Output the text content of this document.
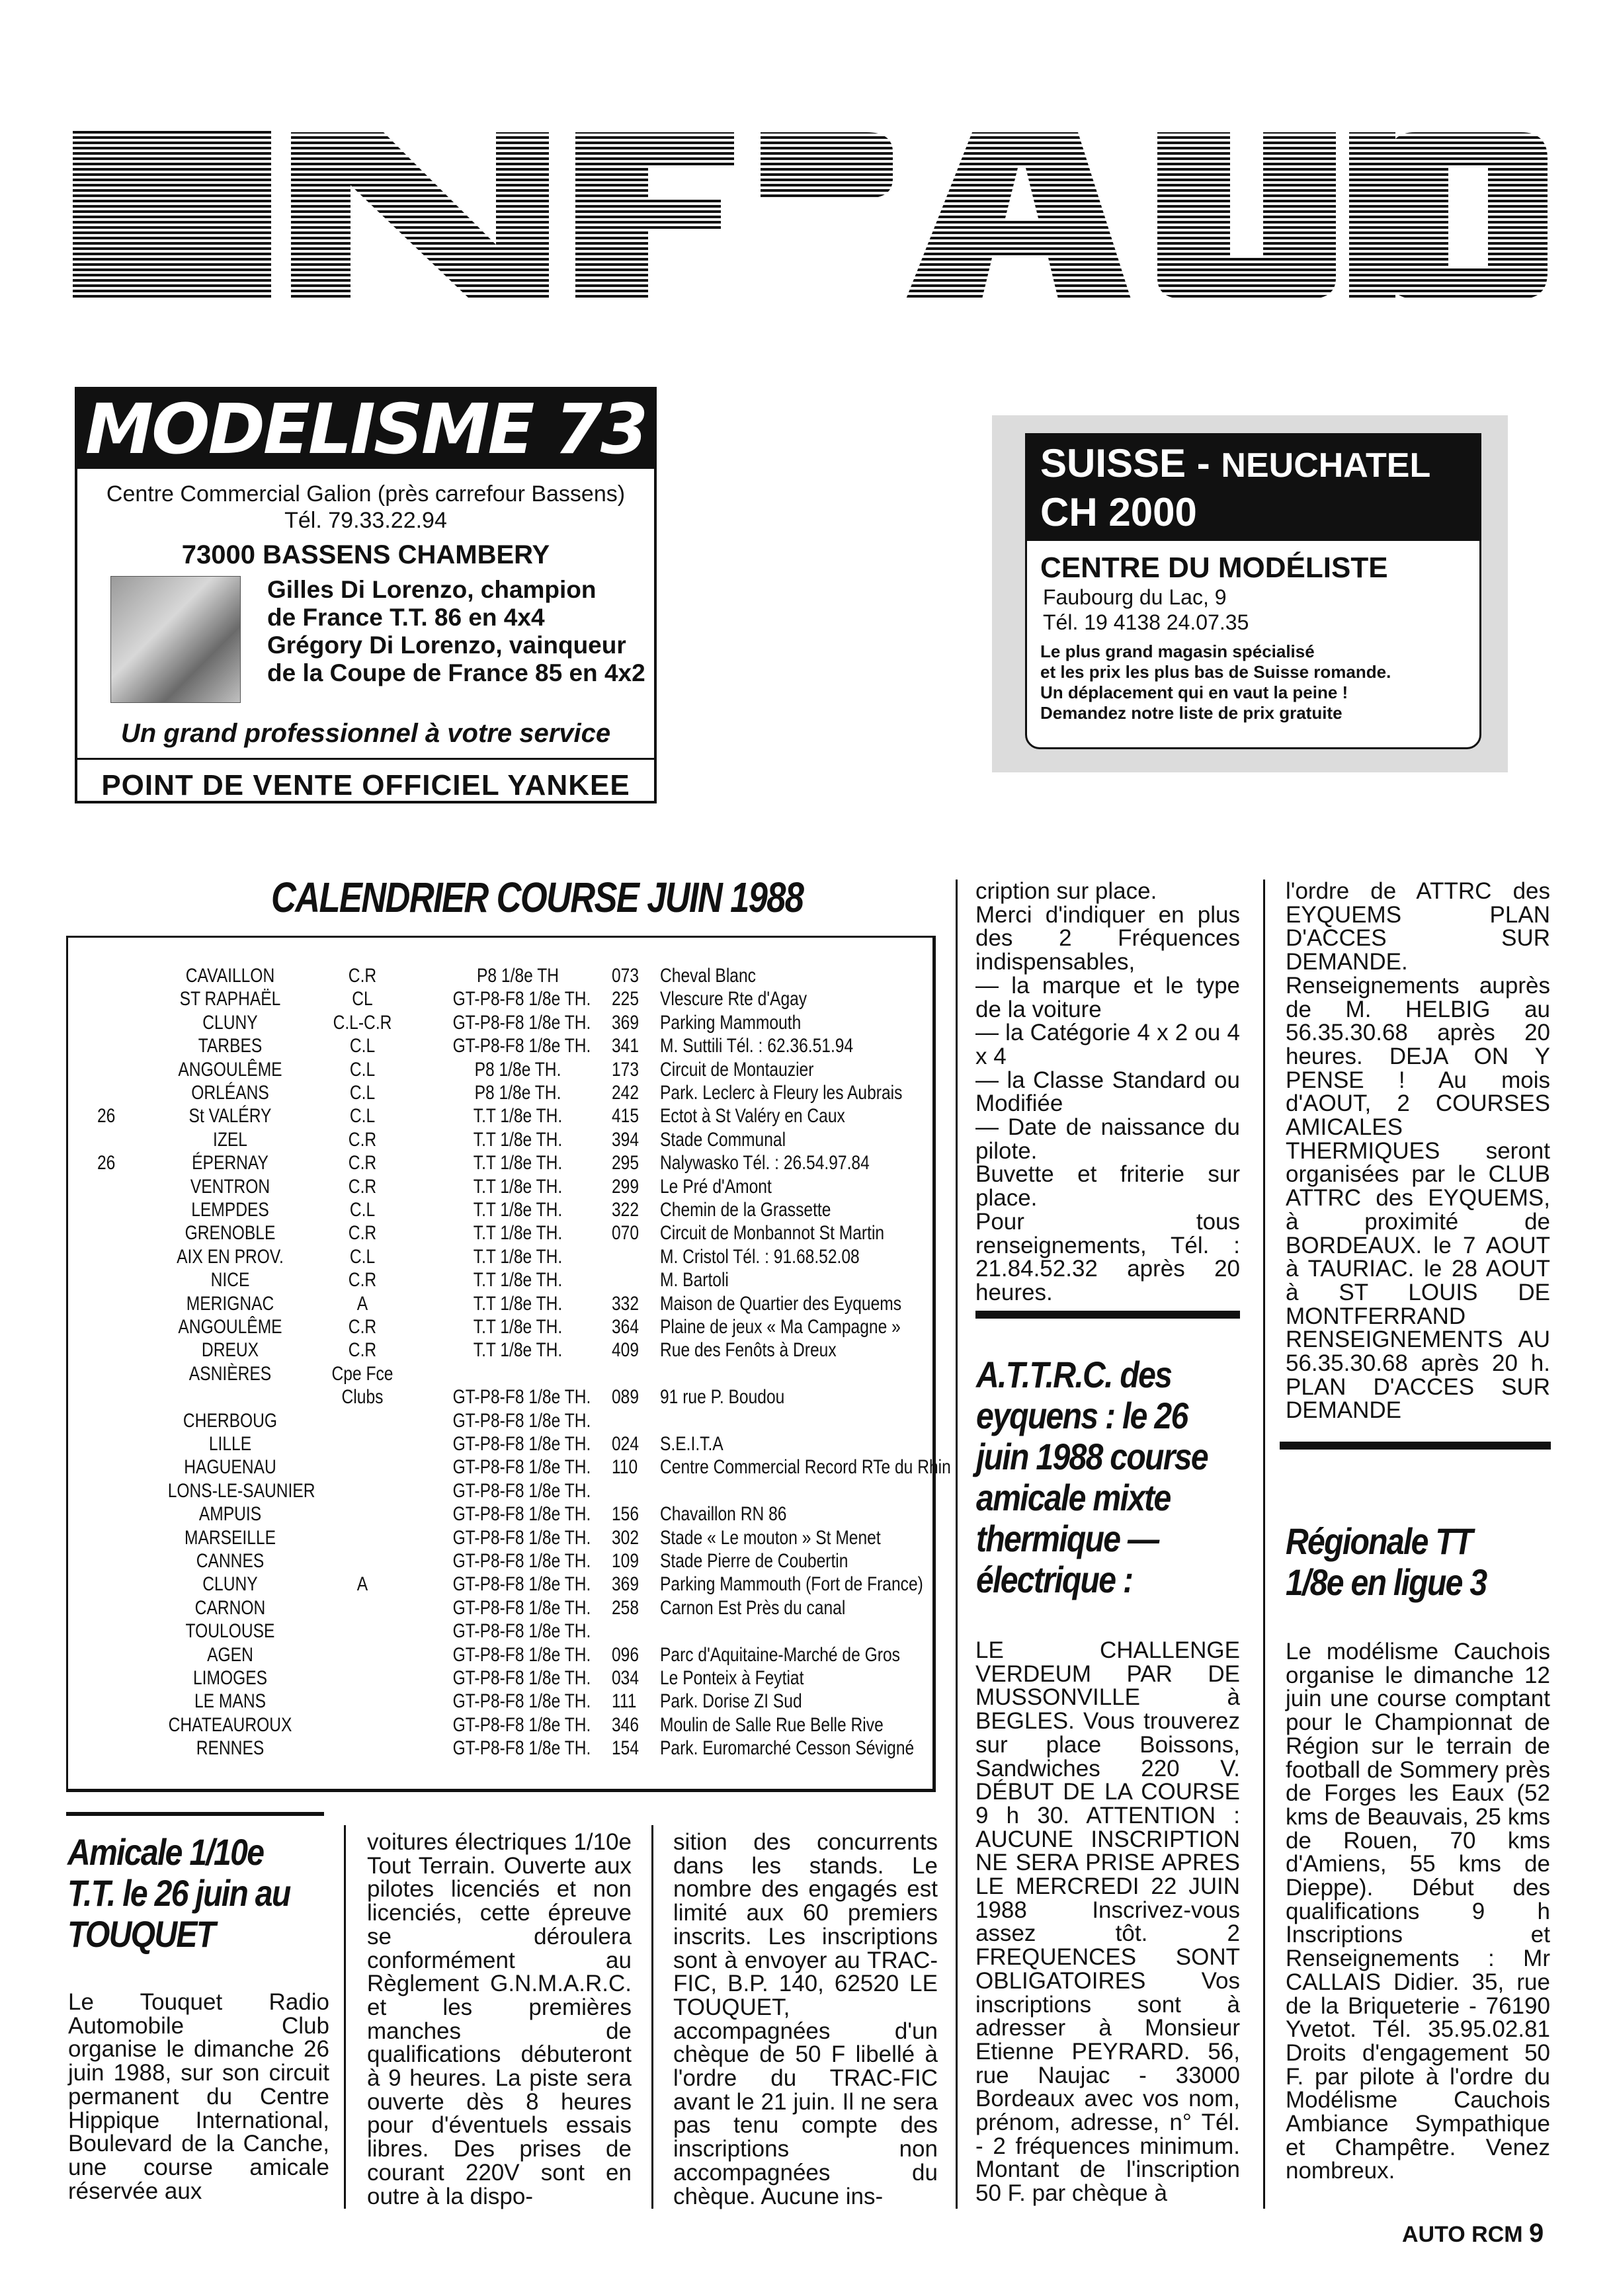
MODELISME 73
Centre Commercial Galion (près carrefour Bassens)
Tél. 79.33.22.94
73000 BASSENS CHAMBERY
Gilles Di Lorenzo, champion
de France T.T. 86 en 4x4
Grégory Di Lorenzo, vainqueur
de la Coupe de France 85 en 4x2
Un grand professionnel à votre service
POINT DE VENTE OFFICIEL YANKEE
SUISSE - NEUCHATEL
CH 2000
CENTRE DU MODÉLISTE
Faubourg du Lac, 9
Tél. 19 4138 24.07.35
Le plus grand magasin spécialisé
et les prix les plus bas de Suisse romande.
Un déplacement qui en vaut la peine !
Demandez notre liste de prix gratuite
CALENDRIER COURSE JUIN 1988
CAVAILLON	C.R	P8 1/8e TH	073 Cheval Blanc
ST RAPHAËL	CL	GT-P8-F8 1/8e TH. 225 Vlescure Rte d'Agay
CLUNY	C.L-C.R	GT-P8-F8 1/8e TH. 369 Parking Mammouth
TARBES	C.L	GT-P8-F8 1/8e TH. 341 M. Suttili Tél. : 62.36.51.94
ANGOULÊME	C.L	P8 1/8e TH.	173 Circuit de Montauzier
ORLÉANS	C.L	P8 1/8e TH.	242 Park. Leclerc à Fleury les Aubrais
26	St VALÉRY	C.L	T.T 1/8e TH.	415 Ectot à St Valéry en Caux
IZEL	C.R	T.T 1/8e TH.	394 Stade Communal
26	ÉPERNAY	C.R	T.T 1/8e TH.	295 Nalywasko Tél. : 26.54.97.84
VENTRON	C.R	T.T 1/8e TH.	299 Le Pré d'Amont
LEMPDES	C.L	T.T 1/8e TH.	322 Chemin de la Grassette
GRENOBLE	C.R	T.T 1/8e TH.	070 Circuit de Monbannot St Martin
AIX EN PROV.	C.L	T.T 1/8e TH.	M. Cristol Tél. : 91.68.52.08
NICE	C.R	T.T 1/8e TH.	M. Bartoli
MERIGNAC	A	T.T 1/8e TH.	332 Maison de Quartier des Eyquems
ANGOULÊME	C.R	T.T 1/8e TH.	364 Plaine de jeux « Ma Campagne »
DREUX	C.R	T.T 1/8e TH.	409 Rue des Fenôts à Dreux
ASNIÈRES	Cpe Fce
Clubs	GT-P8-F8 1/8e TH. 089 91 rue P. Boudou
CHERBOUG	GT-P8-F8 1/8e TH.
LILLE	GT-P8-F8 1/8e TH. 024 S.E.I.T.A
HAGUENAU	GT-P8-F8 1/8e TH. 110 Centre Commercial Record RTe du Rhin
LONS-LE-SAUNIER	GT-P8-F8 1/8e TH.
AMPUIS	GT-P8-F8 1/8e TH. 156 Chavaillon RN 86
MARSEILLE	GT-P8-F8 1/8e TH. 302 Stade « Le mouton » St Menet
CANNES	GT-P8-F8 1/8e TH. 109 Stade Pierre de Coubertin
CLUNY	A	GT-P8-F8 1/8e TH. 369 Parking Mammouth (Fort de France)
CARNON	GT-P8-F8 1/8e TH. 258 Carnon Est Près du canal
TOULOUSE	GT-P8-F8 1/8e TH.
AGEN	GT-P8-F8 1/8e TH. 096 Parc d'Aquitaine-Marché de Gros
LIMOGES	GT-P8-F8 1/8e TH. 034 Le Ponteix à Feytiat
LE MANS	GT-P8-F8 1/8e TH. 111 Park. Dorise ZI Sud
CHATEAUROUX	GT-P8-F8 1/8e TH. 346 Moulin de Salle Rue Belle Rive
RENNES	GT-P8-F8 1/8e TH. 154 Park. Euromarché Cesson Sévigné
Amicale 1/10e
T.T. le 26 juin au
TOUQUET
Le Touquet Radio Automobile Club organise le dimanche 26 juin 1988, sur son circuit permanent du Centre Hippique International, Boulevard de la Canche, une course amicale réservée aux
voitures électriques 1/10e Tout Terrain. Ouverte aux pilotes licenciés et non licenciés, cette épreuve se déroulera conformément au Règlement G.N.M.A.R.C. et les premières manches de qualifications débuteront à 9 heures. La piste sera ouverte dès 8 heures pour d'éventuels essais libres. Des prises de courant 220V sont en outre à la dispo-
sition des concurrents dans les stands. Le nombre des engagés est limité aux 60 premiers inscrits. Les inscriptions sont à envoyer au TRAC-FIC, B.P. 140, 62520 LE TOUQUET, accompagnées d'un chèque de 50 F libellé à l'ordre du TRAC-FIC avant le 21 juin. Il ne sera pas tenu compte des inscriptions non accompagnées du chèque. Aucune ins-
cription sur place.
Merci d'indiquer en plus des 2 Fréquences indispensables,
— la marque et le type de la voiture
— la Catégorie 4 x 2 ou 4 x 4
— la Classe Standard ou Modifiée
— Date de naissance du pilote.
Buvette et friterie sur place.
Pour tous renseignements, Tél. : 21.84.52.32 après 20 heures.
A.T.T.R.C. des
eyquens : le 26
juin 1988 course
amicale mixte
thermique —
électrique :
LE CHALLENGE VERDEUM PAR DE MUSSONVILLE à BEGLES. Vous trouverez sur place Boissons, Sandwiches 220 V. DÉBUT DE LA COURSE 9 h 30. ATTENTION : AUCUNE INSCRIPTION NE SERA PRISE APRES LE MERCREDI 22 JUIN 1988 Inscrivez-vous assez tôt. 2 FREQUENCES SONT OBLIGATOIRES Vos inscriptions sont à adresser à Monsieur Etienne PEYRARD. 56, rue Naujac - 33000 Bordeaux avec vos nom, prénom, adresse, n° Tél. - 2 fréquences minimum. Montant de l'inscription 50 F. par chèque à
l'ordre de ATTRC des EYQUEMS PLAN D'ACCES SUR DEMANDE. Renseignements auprès de M. HELBIG au 56.35.30.68 après 20 heures. DEJA ON Y PENSE ! Au mois d'AOUT, 2 COURSES AMICALES THERMIQUES seront organisées par le CLUB ATTRC des EYQUEMS, à proximité de BORDEAUX. le 7 AOUT à TAURIAC. le 28 AOUT à ST LOUIS DE MONTFERRAND RENSEIGNEMENTS AU 56.35.30.68 après 20 h. PLAN D'ACCES SUR DEMANDE
Régionale TT
1/8e en ligue 3
Le modélisme Cauchois organise le dimanche 12 juin une course comptant pour le Championnat de Région sur le terrain de football de Sommery près de Forges les Eaux (52 kms de Beauvais, 25 kms de Rouen, 70 kms d'Amiens, 55 kms de Dieppe). Début des qualifications 9 h Inscriptions et Renseignements : Mr CALLAIS Didier. 35, rue de la Briqueterie - 76190 Yvetot. Tél. 35.95.02.81 Droits d'engagement 50 F. par pilote à l'ordre du Modélisme Cauchois Ambiance Sympathique et Champêtre. Venez nombreux.
AUTO RCM 9
